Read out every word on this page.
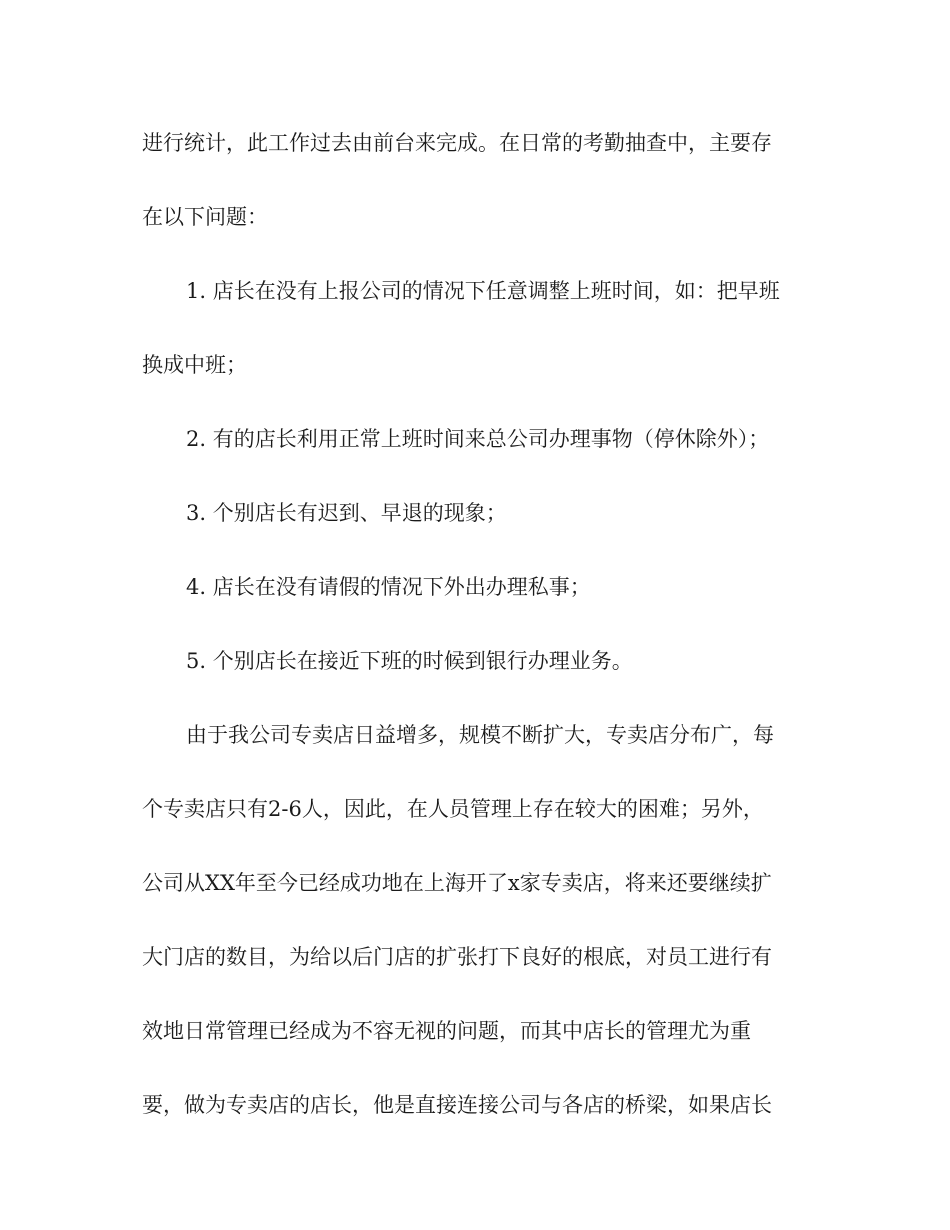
进行统计，此工作过去由前台来完成。在日常的考勤抽查中，主要存
在以下问题：
1. 店长在没有上报公司的情况下任意调整上班时间，如：把早班
换成中班；
2. 有的店长利用正常上班时间来总公司办理事物（停休除外）；
3. 个别店长有迟到、早退的现象；
4. 店长在没有请假的情况下外出办理私事；
5. 个别店长在接近下班的时候到银行办理业务。
由于我公司专卖店日益增多，规模不断扩大，专卖店分布广，每
个专卖店只有2-6人，因此，在人员管理上存在较大的困难；另外，
公司从XX年至今已经成功地在上海开了x家专卖店，将来还要继续扩
大门店的数目，为给以后门店的扩张打下良好的根底，对员工进行有
效地日常管理已经成为不容无视的问题，而其中店长的管理尤为重
要，做为专卖店的店长，他是直接连接公司与各店的桥梁，如果店长
